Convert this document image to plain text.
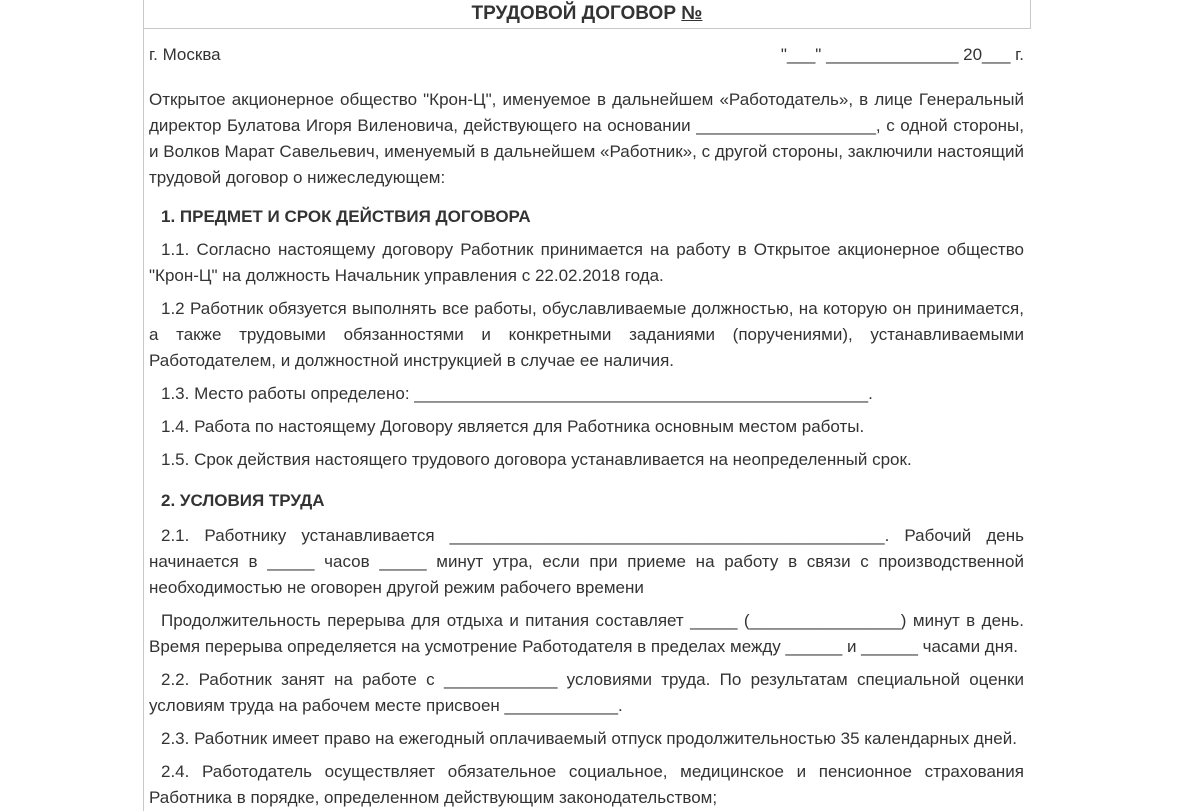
ТРУДОВОЙ ДОГОВОР №
г. Москва	"___" ______________ 20___ г.

Открытое акционерное общество "Крон-Ц", именуемое в дальнейшем «Работодатель», в лице Генеральный директор Булатова Игоря Виленовича, действующего на основании ___________________, с одной стороны, и Волков Марат Савельевич, именуемый в дальнейшем «Работник», с другой стороны, заключили настоящий трудовой договор о нижеследующем:

1. ПРЕДМЕТ И СРОК ДЕЙСТВИЯ ДОГОВОРА

1.1. Согласно настоящему договору Работник принимается на работу в Открытое акционерное общество "Крон-Ц" на должность Начальник управления с 22.02.2018 года.

1.2 Работник обязуется выполнять все работы, обуславливаемые должностью, на которую он принимается, а также трудовыми обязанностями и конкретными заданиями (поручениями), устанавливаемыми Работодателем, и должностной инструкцией в случае ее наличия.

1.3. Место работы определено: ________________________________________________.

1.4. Работа по настоящему Договору является для Работника основным местом работы.

1.5. Срок действия настоящего трудового договора устанавливается на неопределенный срок.

2. УСЛОВИЯ ТРУДА

2.1. Работнику устанавливается ______________________________________________. Рабочий день начинается в _____ часов _____ минут утра, если при приеме на работу в связи с производственной необходимостью не оговорен другой режим рабочего времени

Продолжительность перерыва для отдыха и питания составляет _____ (________________) минут в день. Время перерыва определяется на усмотрение Работодателя в пределах между ______ и ______ часами дня.

2.2. Работник занят на работе с ____________ условиями труда. По результатам специальной оценки условиям труда на рабочем месте присвоен ____________.

2.3. Работник имеет право на ежегодный оплачиваемый отпуск продолжительностью 35 календарных дней.

2.4. Работодатель осуществляет обязательное социальное, медицинское и пенсионное страхования Работника в порядке, определенном действующим законодательством;
